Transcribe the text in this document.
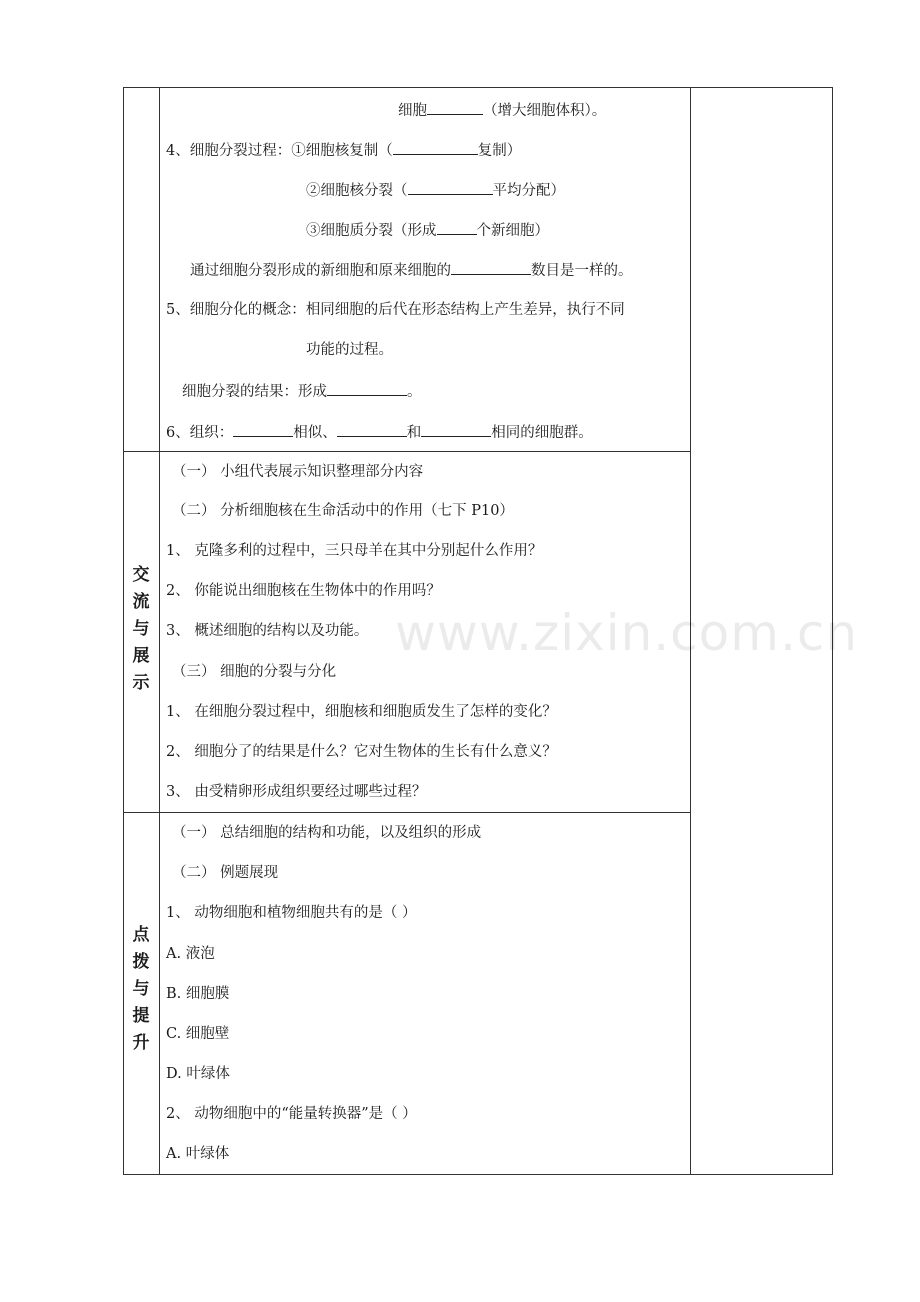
细胞	（增大细胞体积）。
4、细胞分裂过程：①细胞核复制（	复制）
②细胞核分裂（	平均分配）
③细胞质分裂（形成	个新细胞）
通过细胞分裂形成的新细胞和原来细胞的	数目是一样的。
5、细胞分化的概念：相同细胞的后代在形态结构上产生差异，执行不同
功能的过程。
细胞分裂的结果：形成	。
6、组织：	相似、	和	相同的细胞群。
交
流
与
展
示
（一） 小组代表展示知识整理部分内容
（二） 分析细胞核在生命活动中的作用（七下 P10）
1、 克隆多利的过程中，三只母羊在其中分别起什么作用？
2、 你能说出细胞核在生物体中的作用吗？
3、 概述细胞的结构以及功能。
（三） 细胞的分裂与分化
1、 在细胞分裂过程中，细胞核和细胞质发生了怎样的变化？
2、 细胞分了的结果是什么？它对生物体的生长有什么意义？
3、 由受精卵形成组织要经过哪些过程？
点
拨
与
提
升
（一） 总结细胞的结构和功能，以及组织的形成
（二） 例题展现
1、 动物细胞和植物细胞共有的是（ ）
A. 液泡
B. 细胞膜
C. 细胞壁
D. 叶绿体
2、 动物细胞中的“能量转换器”是（ ）
A. 叶绿体
www.zixin.com.cn
